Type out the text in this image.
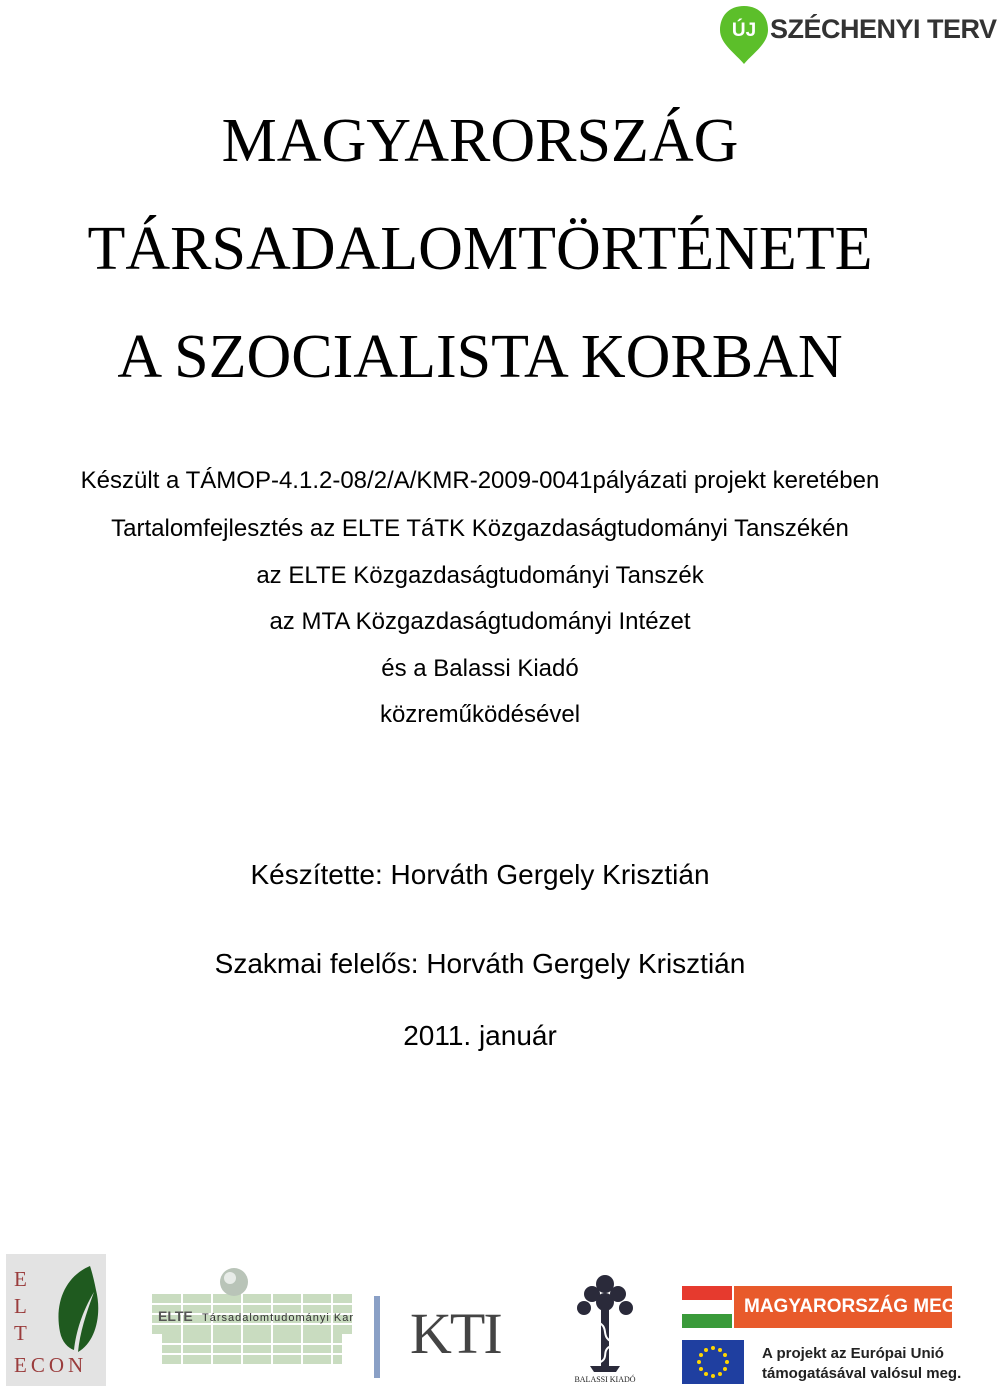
ÚJ SZÉCHENYI TERV
MAGYARORSZÁG
TÁRSADALOMTÖRTÉNETE
A SZOCIALISTA KORBAN
Készült a TÁMOP-4.1.2-08/2/A/KMR-2009-0041pályázati projekt keretében
Tartalomfejlesztés az ELTE TáTK Közgazdaságtudományi Tanszékén
az ELTE Közgazdaságtudományi Tanszék
az MTA Közgazdaságtudományi Intézet
és a Balassi Kiadó
közreműködésével
Készítette: Horváth Gergely Krisztián
Szakmai felelős: Horváth Gergely Krisztián
2011. január
E
L
T
ECON
ELTE Társadalomtudományi Kar KTI
BALASSI KIADÓ
MAGYARORSZÁG MEGÚJUL
A projekt az Európai Unió
támogatásával valósul meg.
